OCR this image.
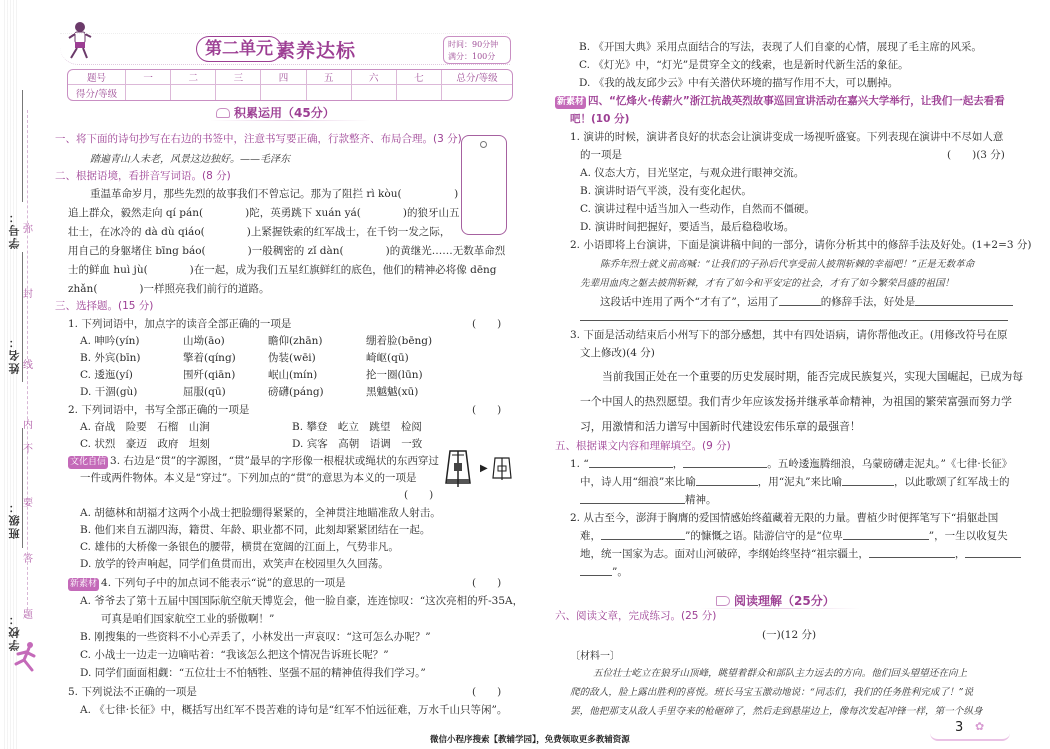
学号：
姓名：
班级：
学校：
弥
封
线
内
不
要
答
题
第二单元 素养达标	时间：90分钟
满分：100分
题号	一	二	三	四	五	六	七	总分/等级
得分/等级								
积累运用（45分）
一、将下面的诗句抄写在右边的书签中，注意书写要正确，行款整齐、布局合理。(3 分)
踏遍青山人未老，风景这边独好。——毛泽东
二、根据语境，看拼音写词语。(8 分)
重温革命岁月，那些先烈的故事我们不曾忘记。那为了阻拦 rì kòu(　　　　　)
追上群众，毅然走向 qí pán(　　　　)陀，英勇跳下 xuán yá(　　　　)的狼牙山五
壮士，在冰冷的 dà dù qiáo(　　　　)上紧握铁索的红军战士，在千钧一发之际，
用自己的身躯堵住 bīng báo(　　　　)一般稠密的 zǐ dàn(　　　　)的黄继光……无数革命烈
士的鲜血 huì jù(　　　　)在一起，成为我们五星红旗鲜红的底色，他们的精神必将像 dēng
zhǎn(　　　　)一样照亮我们前行的道路。
三、选择题。(15 分)
1. 下列词语中，加点字的读音全部正确的一项是	(　　)
A. 呻吟(yín)	山坳(āo)	瞻仰(zhān)	绷着脸(bēng)
B. 外宾(bīn)	擎着(qíng)	伪装(wēi)	崎岖(qū)
C. 逶迤(yí)	围歼(qiān)	岷山(mín)	抡一圈(lūn)
D. 干涸(gù)	屈服(qū)	磅礴(páng)	黑魆魆(xū)
2. 下列词语中，书写全部正确的一项是	(　　)
A. 奋战　险要　石榴　山涧	B. 攀登　屹立　跳望　检阅
C. 状烈　豪迈　政府　坦刻	D. 宾客　高朝　语调　一致
文化自信 3. 右边是“贯”的字源图，“贯”最早的字形像一根棍状或绳状的东西穿过
一件或两件物体。本义是“穿过”。下列加点的“贯”的意思为本义的一项是
(　　)
▶
A. 胡德林和胡福才这两个小战士把脸绷得紧紧的，全神贯注地瞄准敌人射击。
B. 他们来自五湖四海，籍贯、年龄、职业都不同，此刻却紧紧团结在一起。
C. 雄伟的大桥像一条银色的腰带，横贯在宽阔的江面上，气势非凡。
D. 放学的铃声响起，同学们鱼贯而出，欢笑声在校园里久久回荡。
新素材 4. 下列句子中的加点词不能表示“说”的意思的一项是	(　　)
A. 爷爷去了第十五届中国国际航空航天博览会，他一脸自豪，连连惊叹：“这次亮相的歼-35A，
　　可真是咱们国家航空工业的骄傲啊！”
B. 刚搜集的一些资料不小心弄丢了，小林发出一声哀叹：“这可怎么办呢？”
C. 小战士一边走一边嘀咕着：“我该怎么把这个情况告诉班长呢？”
D. 同学们面面相觑：“五位壮士不怕牺牲、坚强不屈的精神值得我们学习。”
5. 下列说法不正确的一项是	(　　)
A. 《七律·长征》中，概括写出红军不畏苦难的诗句是“红军不怕远征难，万水千山只等闲”。
B. 《开国大典》采用点面结合的写法，表现了人们自豪的心情，展现了毛主席的风采。
C. 《灯光》中，“灯光”是贯穿全文的线索，也是新时代新生活的象征。
D. 《我的战友邱少云》中有关潜伏环境的描写作用不大，可以删掉。
新素材 四、“忆烽火·传薪火”浙江抗战英烈故事巡回宣讲活动在嘉兴大学举行，让我们一起去看看
吧！(10 分)
1. 演讲的时候，演讲者良好的状态会让演讲变成一场视听盛宴。下列表现在演讲中不尽如人意
的一项是	(　　)(3 分)
A. 仪态大方，目光坚定，与观众进行眼神交流。
B. 演讲时语气平淡，没有变化起伏。
C. 演讲过程中适当加入一些动作，自然而不僵硬。
D. 演讲时间把握好，要适当，最后稳稳收场。
2. 小语即将上台演讲，下面是演讲稿中间的一部分，请你分析其中的修辞手法及好处。(1+2=3 分)
陈乔年烈士就义前高喊：“让我们的子孙后代享受前人披荆斩棘的幸福吧！”正是无数革命
先辈用血肉之躯去披荆斩棘，才有了如今和平安定的社会，才有了如今繁荣昌盛的祖国！
这段话中连用了两个“才有了”，运用了	的修辞手法，好处是
3. 下面是活动结束后小州写下的部分感想，其中有四处语病，请你帮他改正。(用修改符号在原
文上修改)(4 分)
当前我国正处在一个重要的历史发展时期，能否完成民族复兴，实现大国崛起，已成为每
一个中国人的热烈愿望。我们青少年应该发扬并继承革命精神，为祖国的繁荣富强而努力学
习，用激情和活力谱写中国新时代建设宏伟乐章的最强音！
五、根据课文内容和理解填空。(9 分)
1. “	，	。五岭逶迤腾细浪，乌蒙磅礴走泥丸。”《七律·长征》
中，诗人用“细浪”来比喻	，用“泥丸”来比喻	，以此歌颂了红军战士的
精神。
2. 从古至今，澎湃于胸膺的爱国情感始终蕴藏着无限的力量。曹植少时便挥笔写下“捐躯赴国
难，	”的慷慨之语。陆游信守的是“位卑	”，一生以收复失
地，统一国家为志。面对山河破碎，李纲始终坚持“祖宗疆土，	，
”。
阅读理解（25分）
六、阅读文章，完成练习。(25 分)
(一)(12 分)
〔材料一〕
五位壮士屹立在狼牙山顶峰，眺望着群众和部队主力远去的方向。他们回头望望还在向上
爬的敌人，脸上露出胜利的喜悦。班长马宝玉激动地说：“同志们，我们的任务胜利完成了！”说
罢，他把那支从敌人手里夺来的枪砸碎了，然后走到悬崖边上，像每次发起冲锋一样，第一个纵身
微信小程序搜索【教辅学园】，免费领取更多教辅资源
3 ✿
